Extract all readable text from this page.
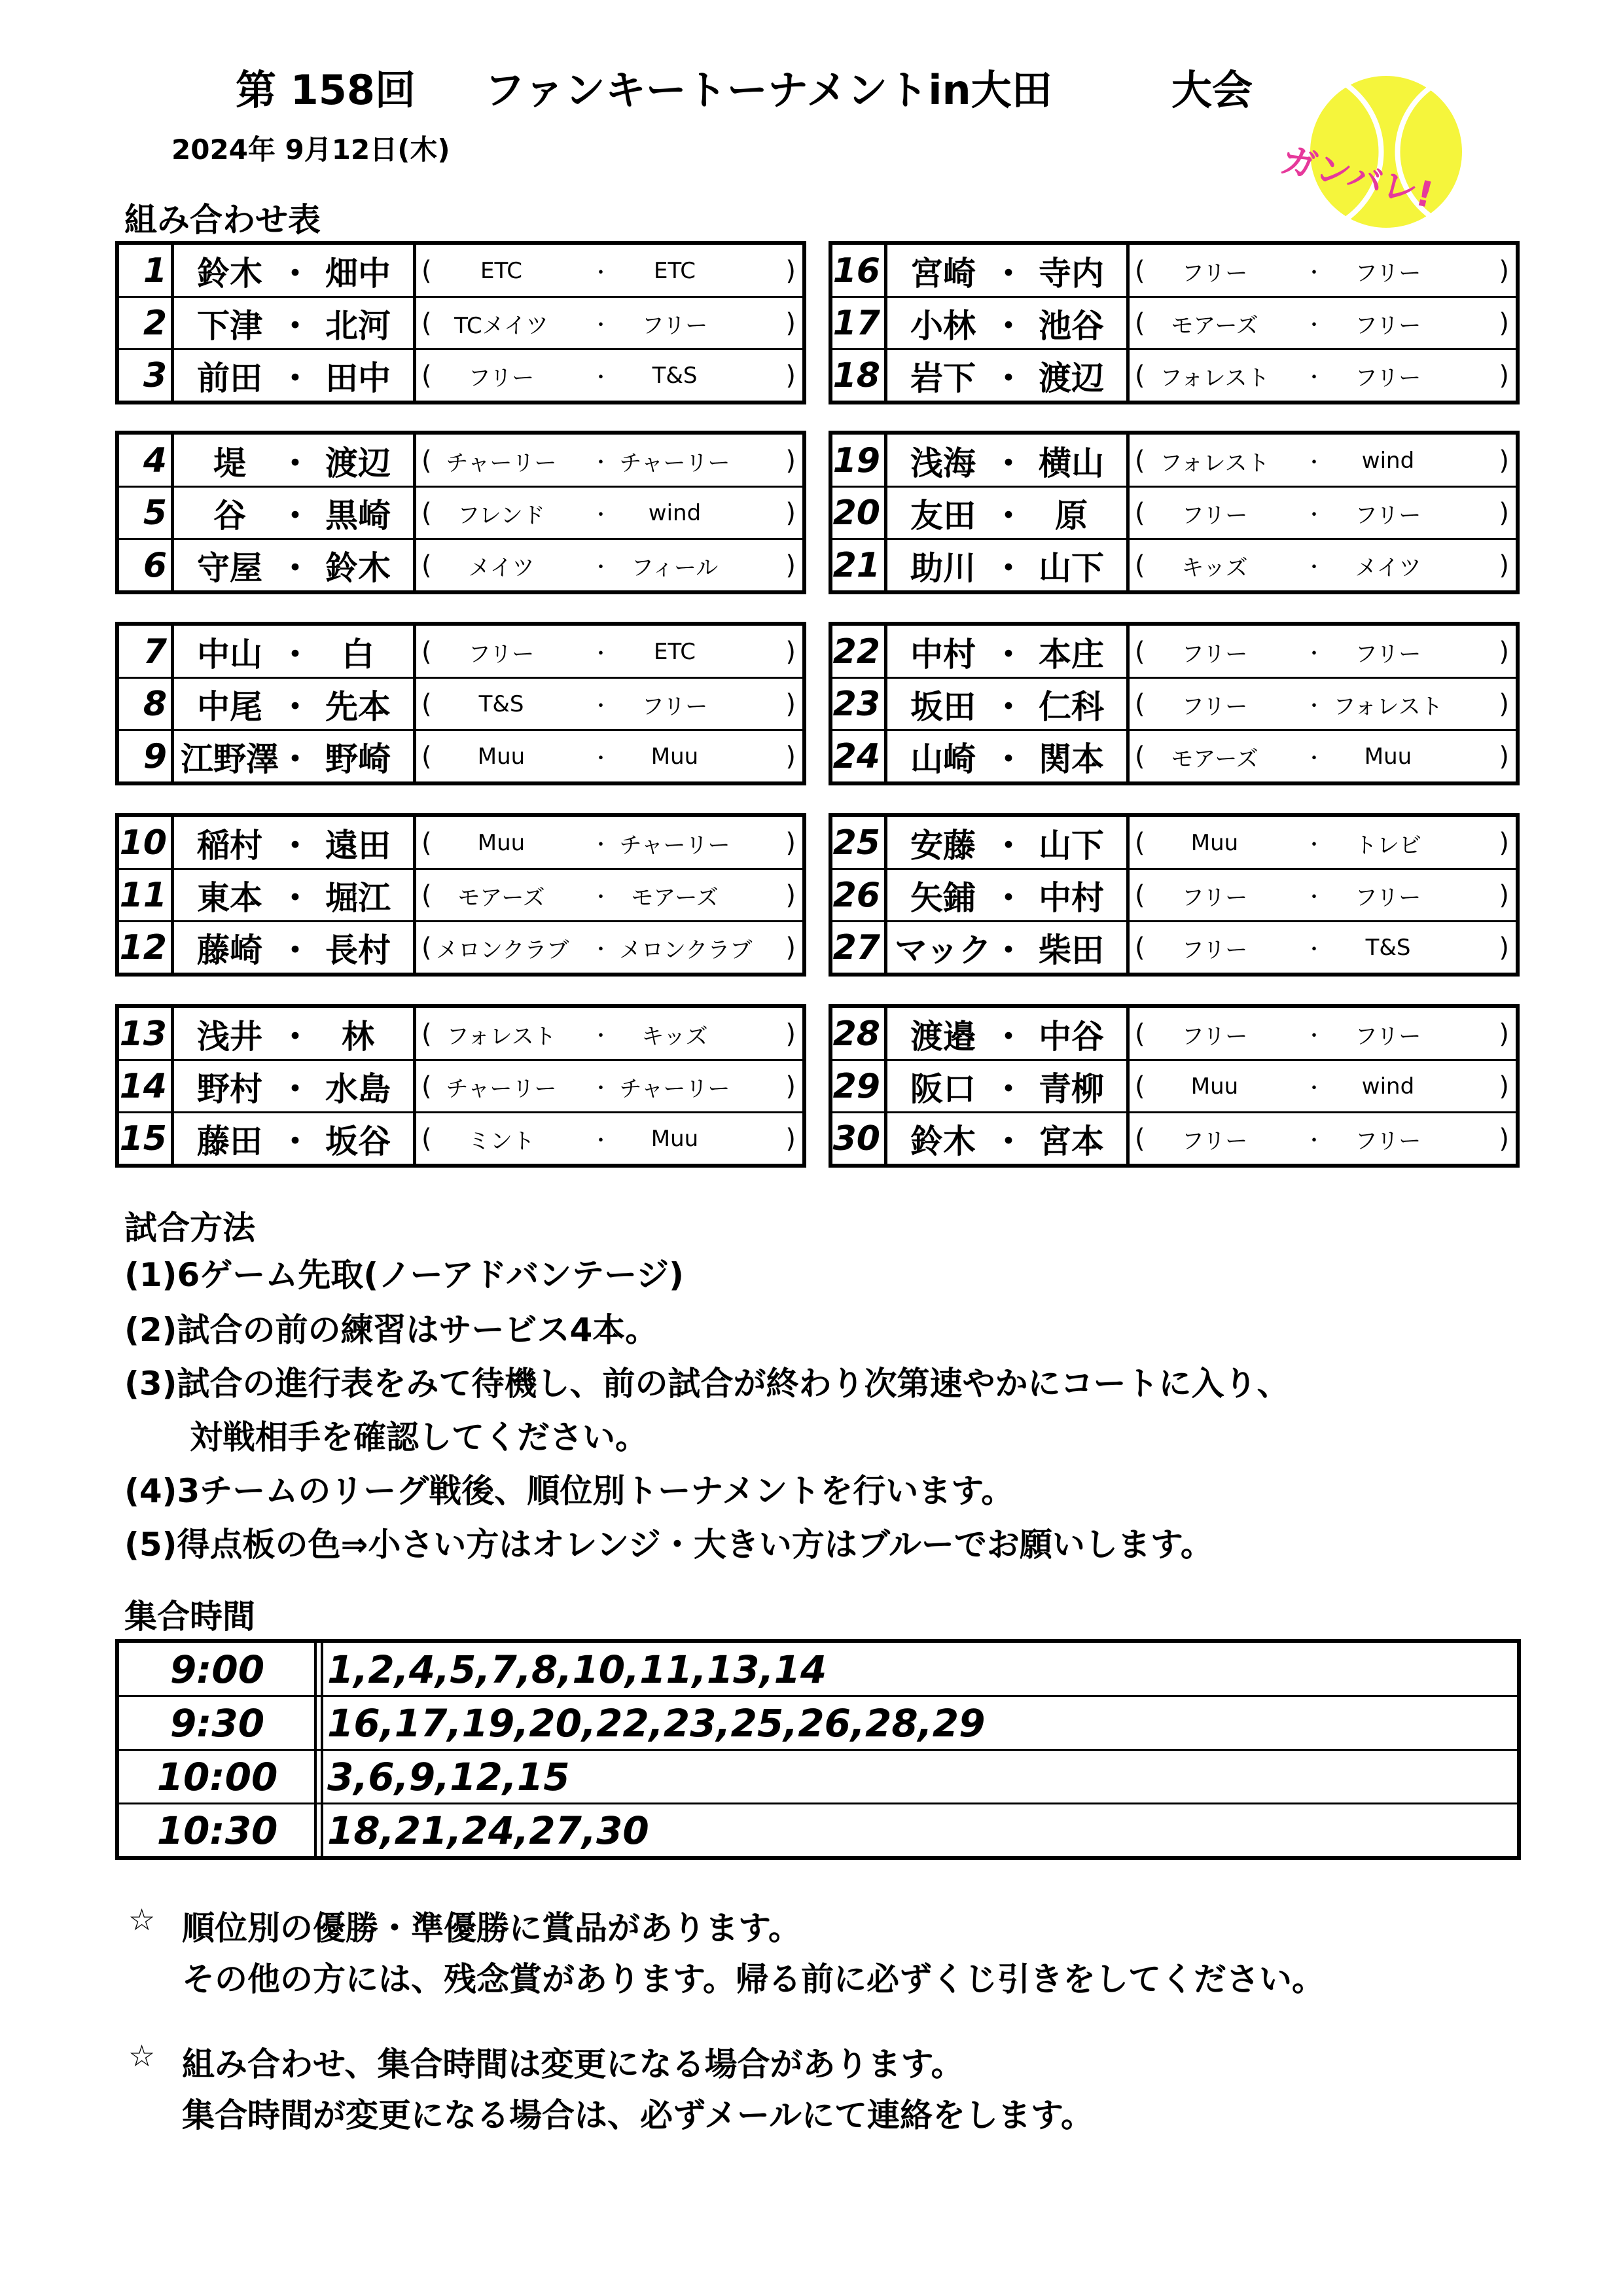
第 158回 ファンキートーナメントin大田	大会
2024年 9月12日(木)	ガンバレ!
組み合わせ表
1 鈴木 ・ 畑中	(	ETC	・	ETC	)
2 下津 ・ 北河	(	TCメイツ	・	フリー	)
3 前田 ・ 田中	(	フリー	・	T&S	)
4	堤	・ 渡辺	( チャーリー	・ チャーリー )
5	谷	・ 黒崎	(	フレンド	・	wind	)
6 守屋 ・ 鈴木	(	メイツ	・ フィール	)
7 中山 ・ 白	(	フリー	・	ETC	)
8 中尾 ・ 先本	(	T&S	・	フリー	)
9 江野澤 ・ 野崎	(	Muu	・	Muu	)
10 稲村 ・ 遠田	(	Muu	・ チャーリー )
11 東本 ・ 堀江	(	モアーズ	・ モアーズ	)
12 藤崎 ・ 長村	( メロンクラブ ・ メロンクラブ )
13 浅井 ・ 林	( フォレスト	・	キッズ	)
14 野村 ・ 水島	( チャーリー	・ チャーリー )
15 藤田 ・ 坂谷	(	ミント	・	Muu	)
16 宮崎 ・ 寺内	(	フリー	・	フリー	)
17 小林 ・ 池谷	(	モアーズ	・	フリー	)
18 岩下 ・ 渡辺	( フォレスト	・	フリー	)
19 浅海 ・ 横山	( フォレスト	・	wind	)
20 友田 ・ 原	(	フリー	・	フリー	)
21 助川 ・ 山下	(	キッズ	・	メイツ	)
22 中村 ・ 本庄	(	フリー	・	フリー	)
23 坂田 ・ 仁科	(	フリー	・ フォレスト )
24 山崎 ・ 関本	(	モアーズ	・	Muu	)
25 安藤 ・ 山下	(	Muu	・	トレビ	)
26 矢鋪 ・ 中村	(	フリー	・	フリー	)
27 マック ・ 柴田	(	フリー	・	T&S	)
28 渡邉 ・ 中谷	(	フリー	・	フリー	)
29 阪口 ・ 青柳	(	Muu	・	wind	)
30 鈴木 ・ 宮本	(	フリー	・	フリー	)
試合方法
(1)6ゲーム先取(ノーアドバンテージ)
(2)試合の前の練習はサービス4本。
(3)試合の進行表をみて待機し、前の試合が終わり次第速やかにコートに入り、
　　対戦相手を確認してください。
(4)3チームのリーグ戦後、順位別トーナメントを行います。
(5)得点板の色⇒小さい方はオレンジ・大きい方はブルーでお願いします。
集合時間
9:00	1,2,4,5,7,8,10,11,13,14
9:30	16,17,19,20,22,23,25,26,28,29
10:00	3,6,9,12,15
10:30	18,21,24,27,30
☆ 順位別の優勝・準優勝に賞品があります。
その他の方には、残念賞があります。帰る前に必ずくじ引きをしてください。
☆ 組み合わせ、集合時間は変更になる場合があります。
集合時間が変更になる場合は、必ずメールにて連絡をします。
